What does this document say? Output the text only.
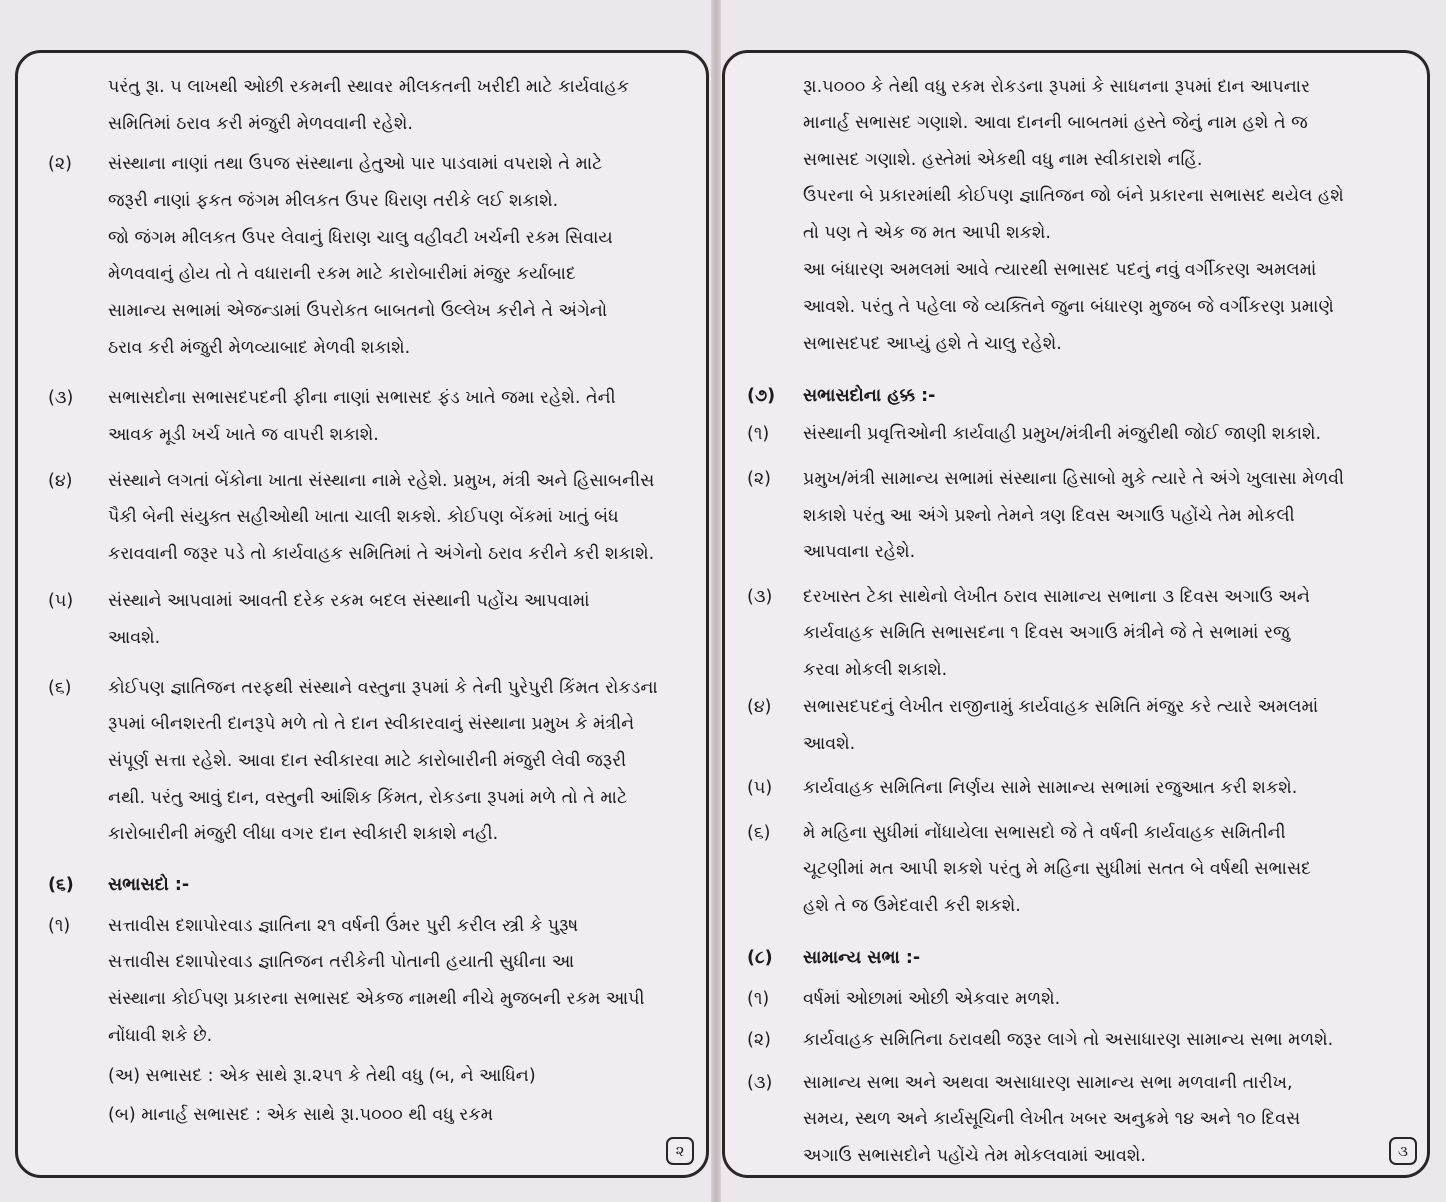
પરંતુ રૂા. ૫ લાખથી ઓછી રકમની સ્થાવર મીલકતની ખરીદી માટે કાર્યવાહક
સમિતિમાં ઠરાવ કરી મંજુરી મેળવવાની રહેશે.
(૨) સંસ્થાના નાણાં તથા ઉપજ સંસ્થાના હેતુઓ પાર પાડવામાં વપરાશે તે માટે
જરૂરી નાણાં ફકત જંગમ મીલકત ઉપર ધિરાણ તરીકે લઈ શકાશે.
જો જંગમ મીલકત ઉપર લેવાનું ધિરાણ ચાલુ વહીવટી ખર્ચની રકમ સિવાય
મેળવવાનું હોય તો તે વધારાની રકમ માટે કારોબારીમાં મંજુર કર્યાબાદ
સામાન્ય સભામાં એજન્ડામાં ઉપરોકત બાબતનો ઉલ્લેખ કરીને તે અંગેનો
ઠરાવ કરી મંજુરી મેળવ્યાબાદ મેળવી શકાશે.
(૩) સભાસદોના સભાસદપદની ફીના નાણાં સભાસદ ફંડ ખાતે જમા રહેશે. તેની
આવક મૂડી ખર્ચ ખાતે જ વાપરી શકાશે.
(૪) સંસ્થાને લગતાં બેંકોના ખાતા સંસ્થાના નામે રહેશે. પ્રમુખ, મંત્રી અને હિસાબનીસ
પૈકી બેની સંયુક્ત સહીઓથી ખાતા ચાલી શકશે. કોઈપણ બેંકમાં ખાતું બંધ
કરાવવાની જરૂર પડે તો કાર્યવાહક સમિતિમાં તે અંગેનો ઠરાવ કરીને કરી શકાશે.
(૫) સંસ્થાને આપવામાં આવતી દરેક રકમ બદલ સંસ્થાની પહોંચ આપવામાં
આવશે.
(૬) કોઈપણ જ્ઞાતિજન તરફથી સંસ્થાને વસ્તુના રૂપમાં કે તેની પુરેપુરી કિંમત રોકડના
રૂપમાં બીનશરતી દાનરૂપે મળે તો તે દાન સ્વીકારવાનું સંસ્થાના પ્રમુખ કે મંત્રીને
સંપૂર્ણ સત્તા રહેશે. આવા દાન સ્વીકારવા માટે કારોબારીની મંજુરી લેવી જરૂરી
નથી. પરંતુ આવું દાન, વસ્તુની આંશિક કિંમત, રોકડના રૂપમાં મળે તો તે માટે
કારોબારીની મંજુરી લીધા વગર દાન સ્વીકારી શકાશે નહી.
(૬) સભાસદો :-
(૧) સત્તાવીસ દશાપોરવાડ જ્ઞાતિના ૨૧ વર્ષની ઉંમર પુરી કરીલ સ્ત્રી કે પુરૂષ
સત્તાવીસ દશાપોરવાડ જ્ઞાતિજન તરીકેની પોતાની હયાતી સુધીના આ
સંસ્થાના કોઈપણ પ્રકારના સભાસદ એકજ નામથી નીચે મુજબની રકમ આપી
નોંધાવી શકે છે.
(અ) સભાસદ : એક સાથે રૂા.૨૫૧ કે તેથી વધુ (બ, ને આધિન)
(બ) માનાર્હ સભાસદ : એક સાથે રૂા.૫૦૦૦ થી વધુ રકમ
૨
રૂા.૫૦૦૦ કે તેથી વધુ રકમ રોકડના રૂપમાં કે સાધનના રૂપમાં દાન આપનાર
માનાર્હ સભાસદ ગણાશે. આવા દાનની બાબતમાં હસ્તે જેનું નામ હશે તે જ
સભાસદ ગણાશે. હસ્તેમાં એકથી વધુ નામ સ્વીકારાશે નહિં.
ઉપરના બે પ્રકારમાંથી કોઈપણ જ્ઞાતિજન જો બંને પ્રકારના સભાસદ થયેલ હશે
તો પણ તે એક જ મત આપી શકશે.
આ બંધારણ અમલમાં આવે ત્યારથી સભાસદ પદનું નવું વર્ગીકરણ અમલમાં
આવશે. પરંતુ તે પહેલા જે વ્યક્તિને જુના બંધારણ મુજબ જે વર્ગીકરણ પ્રમાણે
સભાસદપદ આપ્યું હશે તે ચાલુ રહેશે.
(૭) સભાસદોના હક્ક :-
(૧) સંસ્થાની પ્રવૃત્તિઓની કાર્યવાહી પ્રમુખ/મંત્રીની મંજુરીથી જોઈ જાણી શકાશે.
(૨) પ્રમુખ/મંત્રી સામાન્ય સભામાં સંસ્થાના હિસાબો મુકે ત્યારે તે અંગે ખુલાસા મેળવી
શકાશે પરંતુ આ અંગે પ્રશ્નો તેમને ત્રણ દિવસ અગાઉ પહોંચે તેમ મોકલી
આપવાના રહેશે.
(૩) દરખાસ્ત ટેકા સાથેનો લેખીત ઠરાવ સામાન્ય સભાના ૩ દિવસ અગાઉ અને
કાર્યવાહક સમિતિ સભાસદના ૧ દિવસ અગાઉ મંત્રીને જે તે સભામાં રજુ
કરવા મોકલી શકાશે.
(૪) સભાસદપદનું લેખીત રાજીનામું કાર્યવાહક સમિતિ મંજુર કરે ત્યારે અમલમાં
આવશે.
(૫) કાર્યવાહક સમિતિના નિર્ણય સામે સામાન્ય સભામાં રજુઆત કરી શકશે.
(૬) મે મહિના સુધીમાં નોંધાયેલા સભાસદો જે તે વર્ષની કાર્યવાહક સમિતીની
ચૂટણીમાં મત આપી શકશે પરંતુ મે મહિના સુધીમાં સતત બે વર્ષથી સભાસદ
હશે તે જ ઉમેદવારી કરી શકશે.
(૮) સામાન્ય સભા :-
(૧) વર્ષમાં ઓછામાં ઓછી એકવાર મળશે.
(૨) કાર્યવાહક સમિતિના ઠરાવથી જરૂર લાગે તો અસાધારણ સામાન્ય સભા મળશે.
(૩) સામાન્ય સભા અને અથવા અસાધારણ સામાન્ય સભા મળવાની તારીખ,
સમય, સ્થળ અને કાર્યસૂચિની લેખીત ખબર અનુક્રમે ૧૪ અને ૧૦ દિવસ
અગાઉ સભાસદોને પહોંચે તેમ મોકલવામાં આવશે.	૩
